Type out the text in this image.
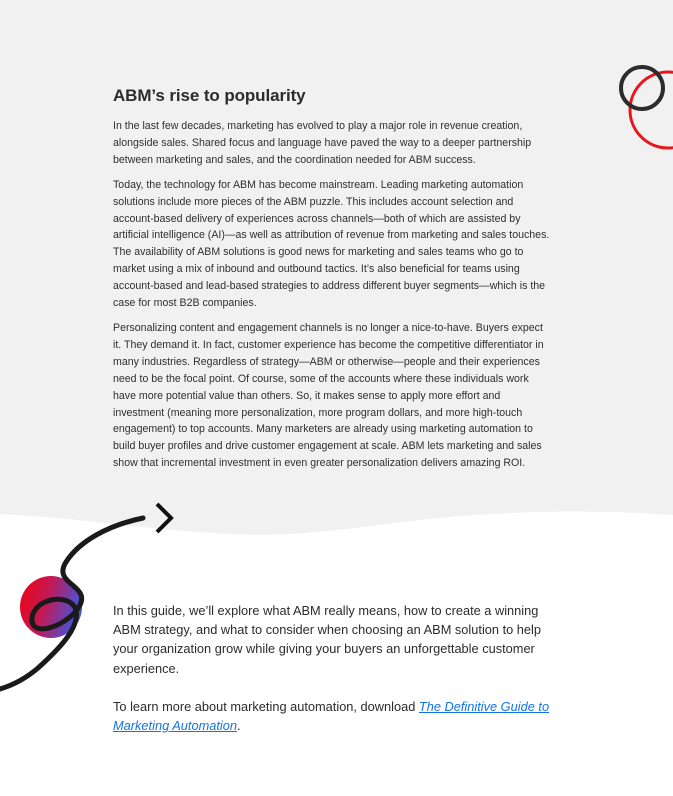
ABM’s rise to popularity

In the last few decades, marketing has evolved to play a major role in revenue creation, alongside sales. Shared focus and language have paved the way to a deeper partnership between marketing and sales, and the coordination needed for ABM success.

Today, the technology for ABM has become mainstream. Leading marketing automation solutions include more pieces of the ABM puzzle. This includes account selection and account-based delivery of experiences across channels—both of which are assisted by artificial intelligence (AI)—as well as attribution of revenue from marketing and sales touches. The availability of ABM solutions is good news for marketing and sales teams who go to market using a mix of inbound and outbound tactics. It’s also beneficial for teams using account-based and lead-based strategies to address different buyer segments—which is the case for most B2B companies.

Personalizing content and engagement channels is no longer a nice-to-have. Buyers expect it. They demand it. In fact, customer experience has become the competitive differentiator in many industries. Regardless of strategy—ABM or otherwise—people and their experiences need to be the focal point. Of course, some of the accounts where these individuals work have more potential value than others. So, it makes sense to apply more effort and investment (meaning more personalization, more program dollars, and more high-touch engagement) to top accounts. Many marketers are already using marketing automation to build buyer profiles and drive customer engagement at scale. ABM lets marketing and sales show that incremental investment in even greater personalization delivers amazing ROI.

In this guide, we’ll explore what ABM really means, how to create a winning ABM strategy, and what to consider when choosing an ABM solution to help your organization grow while giving your buyers an unforgettable customer experience.

To learn more about marketing automation, download The Definitive Guide to Marketing Automation.
